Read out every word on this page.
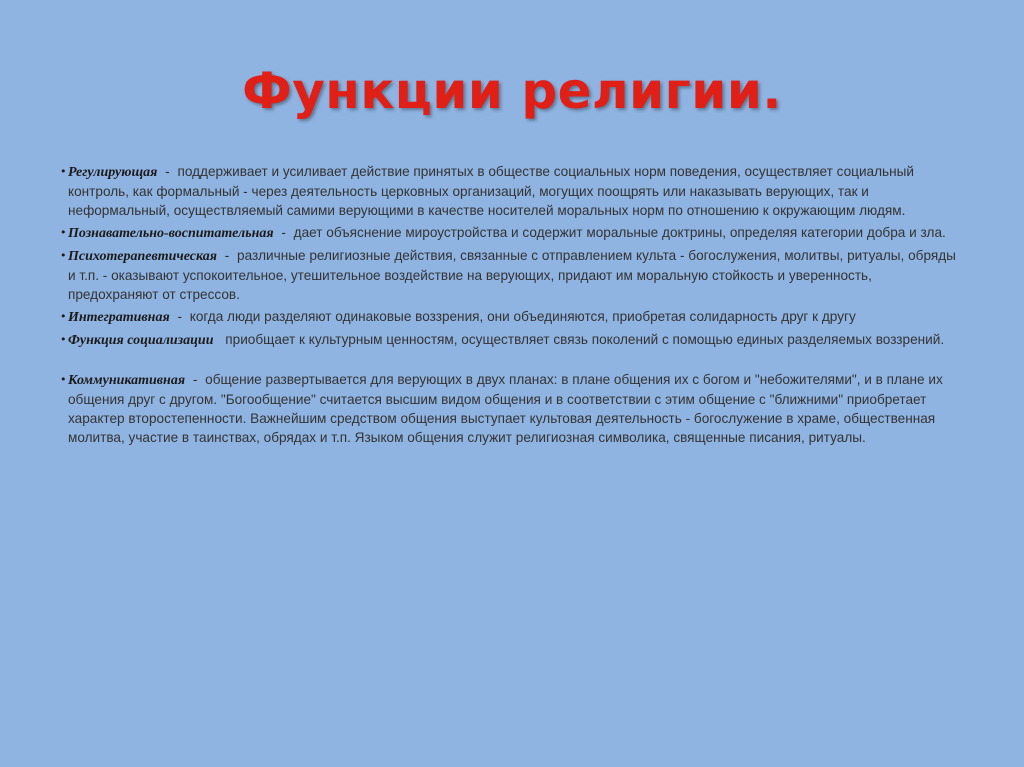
Функции религии.
• Регулирующая - поддерживает и усиливает действие принятых в обществе социальных норм поведения, осуществляет социальный контроль, как формальный - через деятельность церковных организаций, могущих поощрять или наказывать верующих, так и неформальный, осуществляемый самими верующими в качестве носителей моральных норм по отношению к окружающим людям.
• Познавательно-воспитательная - дает объяснение мироустройства и содержит моральные доктрины, определяя категории добра и зла.
• Психотерапевтическая - различные религиозные действия, связанные с отправлением культа - богослужения, молитвы, ритуалы, обряды и т.п. - оказывают успокоительное, утешительное воздействие на верующих, придают им моральную стойкость и уверенность, предохраняют от стрессов.
• Интегративная - когда люди разделяют одинаковые воззрения, они объединяются, приобретая солидарность друг к другу
• Функция социализации приобщает к культурным ценностям, осуществляет связь поколений с помощью единых разделяемых воззрений.
• Коммуникативная - общение развертывается для верующих в двух планах: в плане общения их с богом и "небожителями", и в плане их общения друг с другом. "Богообщение" считается высшим видом общения и в соответствии с этим общение с "ближними" приобретает характер второстепенности. Важнейшим средством общения выступает культовая деятельность - богослужение в храме, общественная молитва, участие в таинствах, обрядах и т.п. Языком общения служит религиозная символика, священные писания, ритуалы.
